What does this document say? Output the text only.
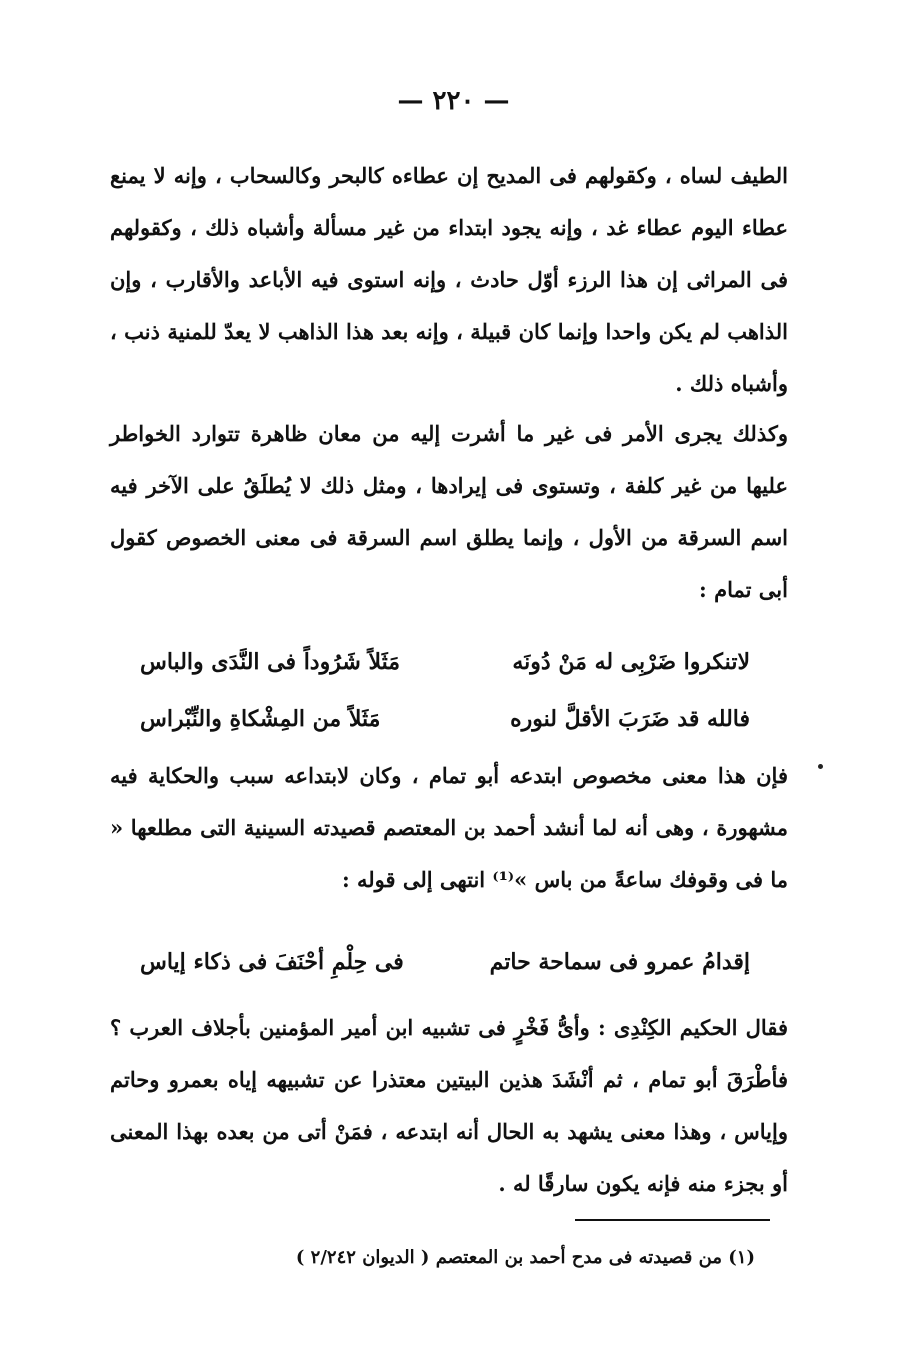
— ٢٢٠ —
الطيف لساه ، وكقولهم فى المديح إن عطاءه كالبحر وكالسحاب ، وإنه لا يمنع عطاء اليوم عطاء غد ، وإنه يجود ابتداء من غير مسألة وأشباه ذلك ، وكقولهم فى المراثى إن هذا الرزء أوّل حادث ، وإنه استوى فيه الأباعد والأقارب ، وإن الذاهب لم يكن واحدا وإنما كان قبيلة ، وإنه بعد هذا الذاهب لا يعدّ للمنية ذنب ، وأشباه ذلك .
وكذلك يجرى الأمر فى غير ما أشرت إليه من معان ظاهرة تتوارد الخواطر عليها من غير كلفة ، وتستوى فى إيرادها ، ومثل ذلك لا يُطلَقُ على الآخر فيه اسم السرقة من الأول ، وإنما يطلق اسم السرقة فى معنى الخصوص كقول أبى تمام :
لاتنكروا ضَرْبِى له مَنْ دُونَه
مَثَلاً شَرُوداً فى النَّدَى والباس
فالله قد ضَرَبَ الأقلَّ لنوره
مَثَلاً من المِشْكاةِ والنِّبْراس
فإن هذا معنى مخصوص ابتدعه أبو تمام ، وكان لابتداعه سبب والحكاية فيه مشهورة ، وهى أنه لما أنشد أحمد بن المعتصم قصيدته السينية التى مطلعها « ما فى وقوفك ساعةً من باس »⁽¹⁾ انتهى إلى قوله :
إقدامُ عمرو فى سماحة حاتم
فى حِلْمِ أحْنَفَ فى ذكاء إياس
فقال الحكيم الكِنْدِى : وأىُّ فَخْرٍ فى تشبيه ابن أمير المؤمنين بأجلاف العرب ؟ فأطْرَقَ أبو تمام ، ثم أنْشَدَ هذين البيتين معتذرا عن تشبيهه إياه بعمرو وحاتم وإياس ، وهذا معنى يشهد به الحال أنه ابتدعه ، فمَنْ أتى من بعده بهذا المعنى أو بجزء منه فإنه يكون سارقًا له .
(١) من قصيدته فى مدح أحمد بن المعتصم ( الديوان ٢/٢٤٢ )
